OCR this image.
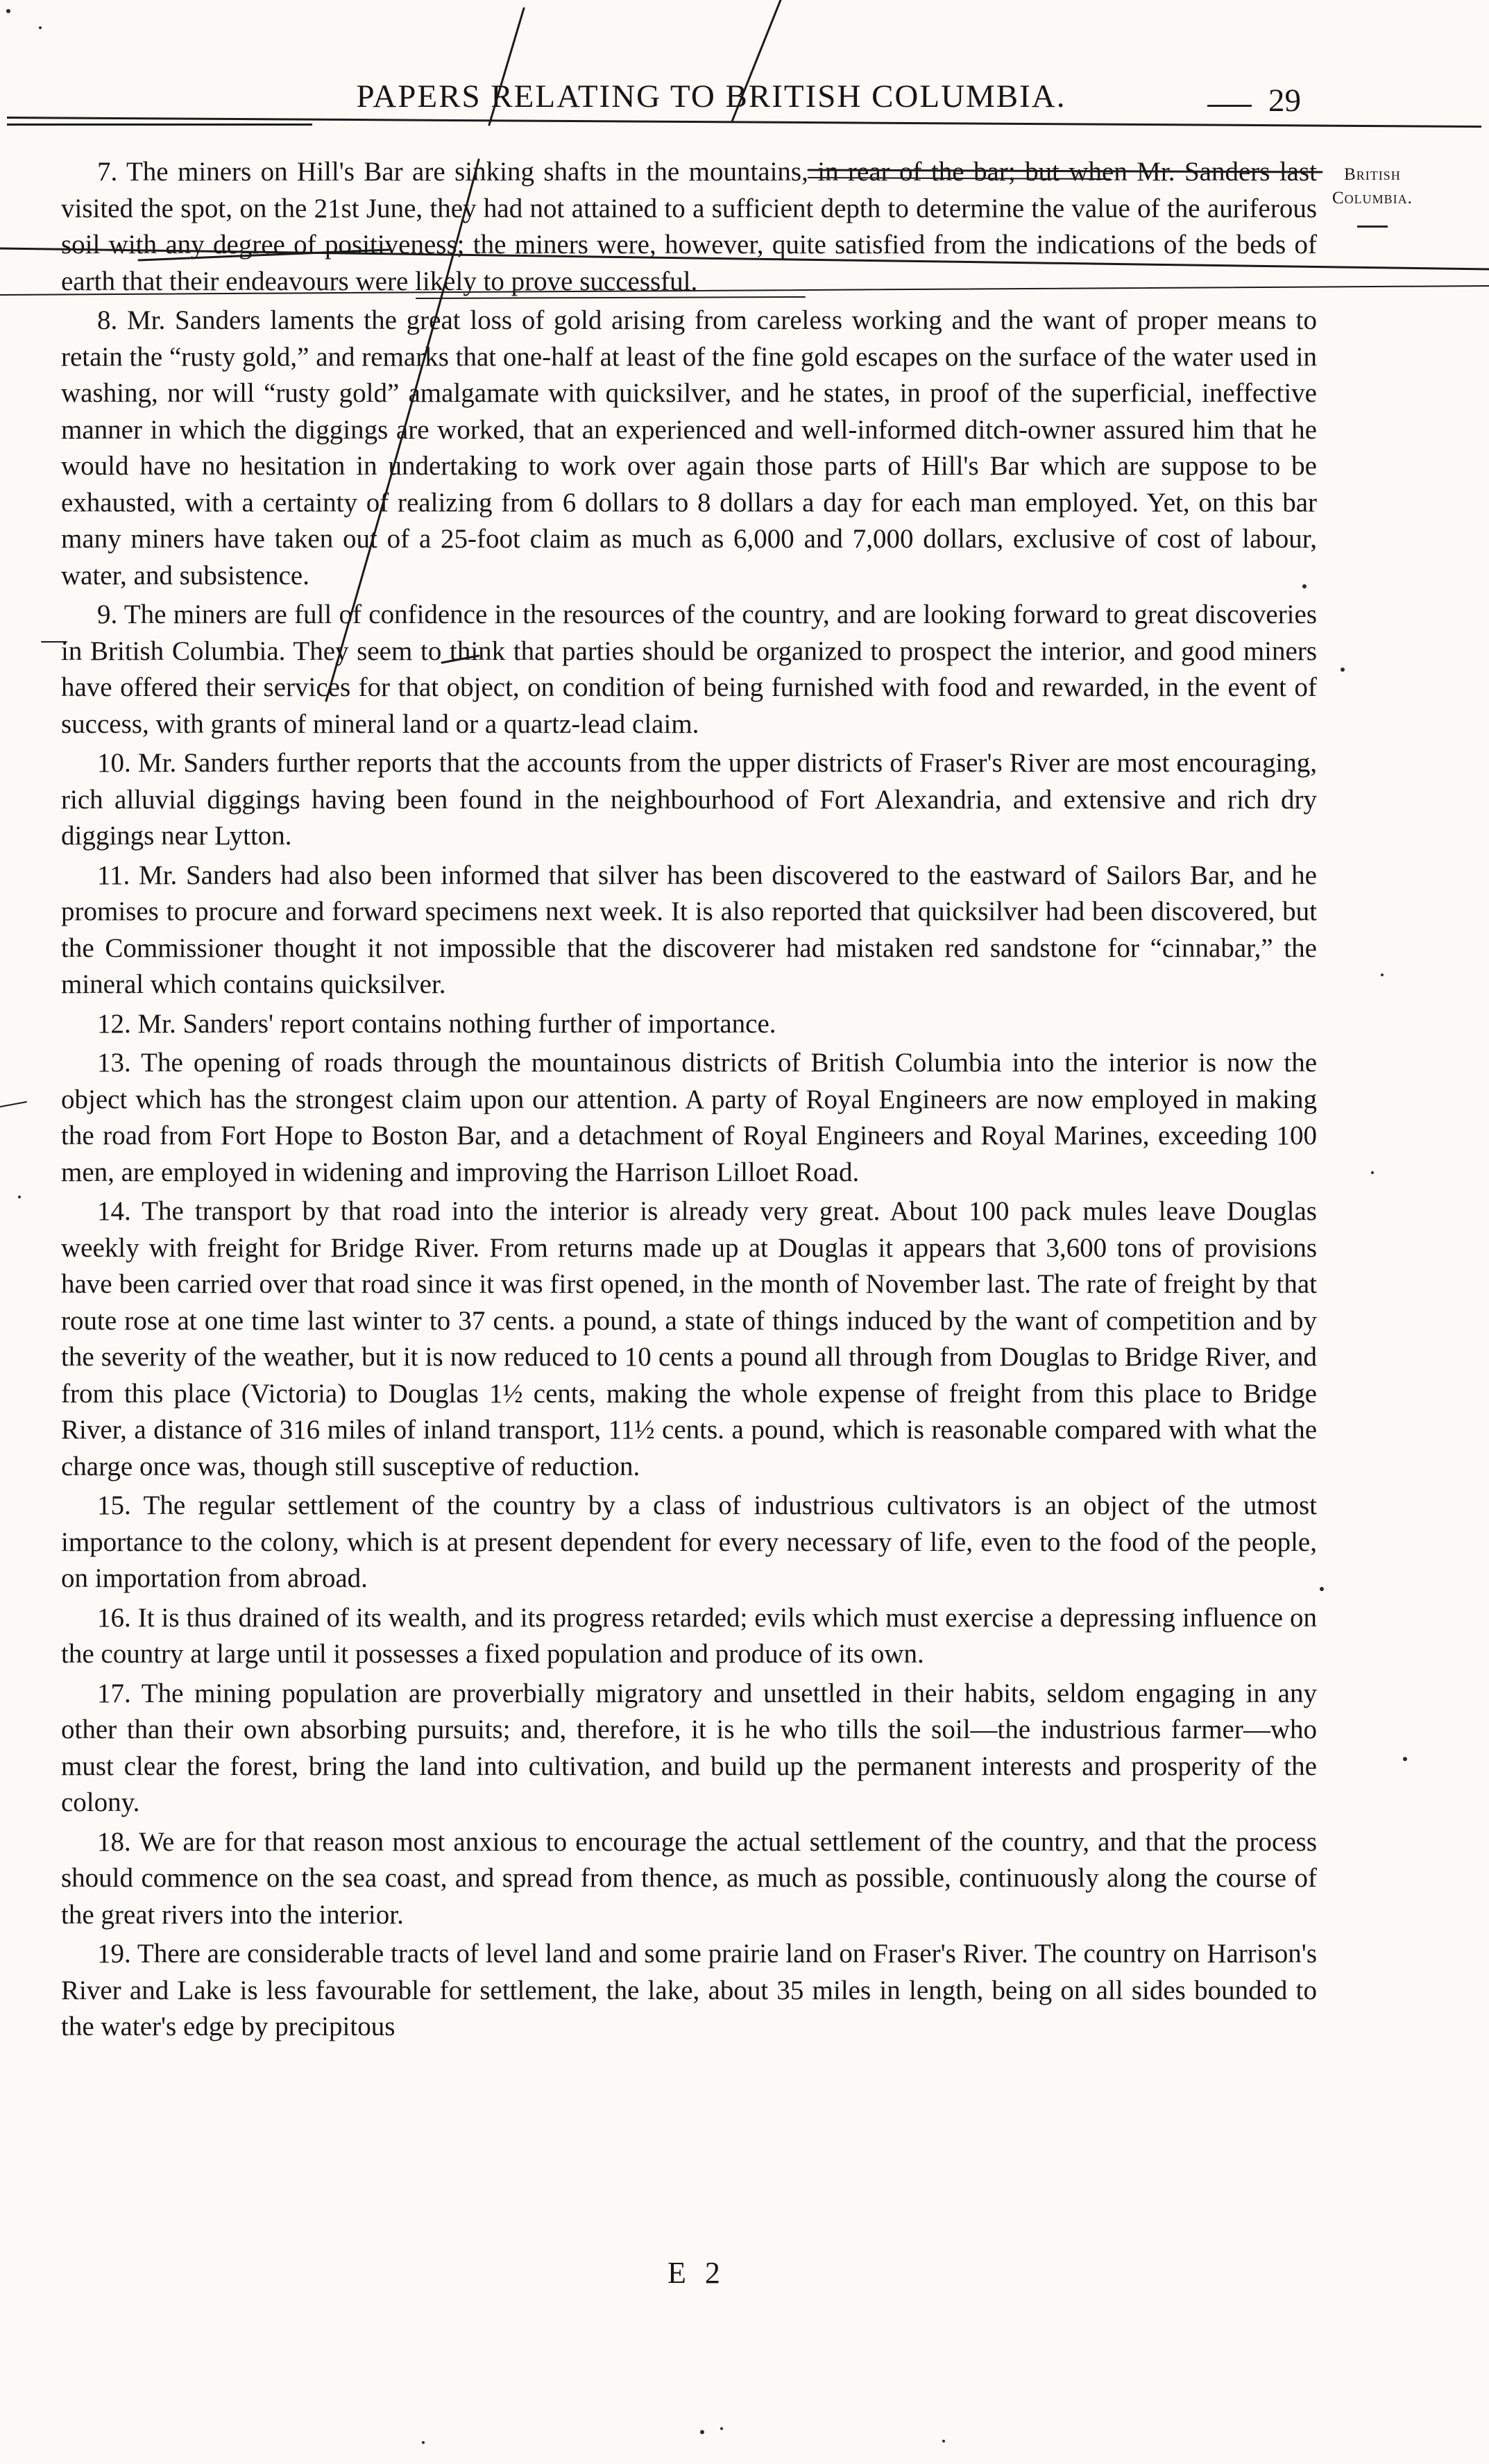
PAPERS RELATING TO BRITISH COLUMBIA.	29
British
Columbia.

7. The miners on Hill's Bar are sinking shafts in the mountains, in rear of the bar; but when Mr. Sanders last visited the spot, on the 21st June, they had not attained to a sufficient depth to determine the value of the auriferous soil with any degree of positiveness; the miners were, however, quite satisfied from the indications of the beds of earth that their endeavours were likely to prove successful.

8. Mr. Sanders laments the great loss of gold arising from careless working and the want of proper means to retain the “rusty gold,” and remarks that one-half at least of the fine gold escapes on the surface of the water used in washing, nor will “rusty gold” amalgamate with quicksilver, and he states, in proof of the superficial, ineffective manner in which the diggings are worked, that an experienced and well-informed ditch-owner assured him that he would have no hesitation in undertaking to work over again those parts of Hill's Bar which are suppose to be exhausted, with a certainty of realizing from 6 dollars to 8 dollars a day for each man employed. Yet, on this bar many miners have taken out of a 25-foot claim as much as 6,000 and 7,000 dollars, exclusive of cost of labour, water, and subsistence.

9. The miners are full of confidence in the resources of the country, and are looking forward to great discoveries in British Columbia. They seem to think that parties should be organized to prospect the interior, and good miners have offered their services for that object, on condition of being furnished with food and rewarded, in the event of success, with grants of mineral land or a quartz-lead claim.

10. Mr. Sanders further reports that the accounts from the upper districts of Fraser's River are most encouraging, rich alluvial diggings having been found in the neighbourhood of Fort Alexandria, and extensive and rich dry diggings near Lytton.

11. Mr. Sanders had also been informed that silver has been discovered to the eastward of Sailors Bar, and he promises to procure and forward specimens next week. It is also reported that quicksilver had been discovered, but the Commissioner thought it not impossible that the discoverer had mistaken red sandstone for “cinnabar,” the mineral which contains quicksilver.

12. Mr. Sanders' report contains nothing further of importance.

13. The opening of roads through the mountainous districts of British Columbia into the interior is now the object which has the strongest claim upon our attention. A party of Royal Engineers are now employed in making the road from Fort Hope to Boston Bar, and a detachment of Royal Engineers and Royal Marines, exceeding 100 men, are employed in widening and improving the Harrison Lilloet Road.

14. The transport by that road into the interior is already very great. About 100 pack mules leave Douglas weekly with freight for Bridge River. From returns made up at Douglas it appears that 3,600 tons of provisions have been carried over that road since it was first opened, in the month of November last. The rate of freight by that route rose at one time last winter to 37 cents. a pound, a state of things induced by the want of competition and by the severity of the weather, but it is now reduced to 10 cents a pound all through from Douglas to Bridge River, and from this place (Victoria) to Douglas 1½ cents, making the whole expense of freight from this place to Bridge River, a distance of 316 miles of inland transport, 11½ cents. a pound, which is reasonable compared with what the charge once was, though still susceptive of reduction.

15. The regular settlement of the country by a class of industrious cultivators is an object of the utmost importance to the colony, which is at present dependent for every necessary of life, even to the food of the people, on importation from abroad.

16. It is thus drained of its wealth, and its progress retarded; evils which must exercise a depressing influence on the country at large until it possesses a fixed population and produce of its own.

17. The mining population are proverbially migratory and unsettled in their habits, seldom engaging in any other than their own absorbing pursuits; and, therefore, it is he who tills the soil—the industrious farmer—who must clear the forest, bring the land into cultivation, and build up the permanent interests and prosperity of the colony.

18. We are for that reason most anxious to encourage the actual settlement of the country, and that the process should commence on the sea coast, and spread from thence, as much as possible, continuously along the course of the great rivers into the interior.

19. There are considerable tracts of level land and some prairie land on Fraser's River. The country on Harrison's River and Lake is less favourable for settlement, the lake, about 35 miles in length, being on all sides bounded to the water's edge by precipitous

E 2
